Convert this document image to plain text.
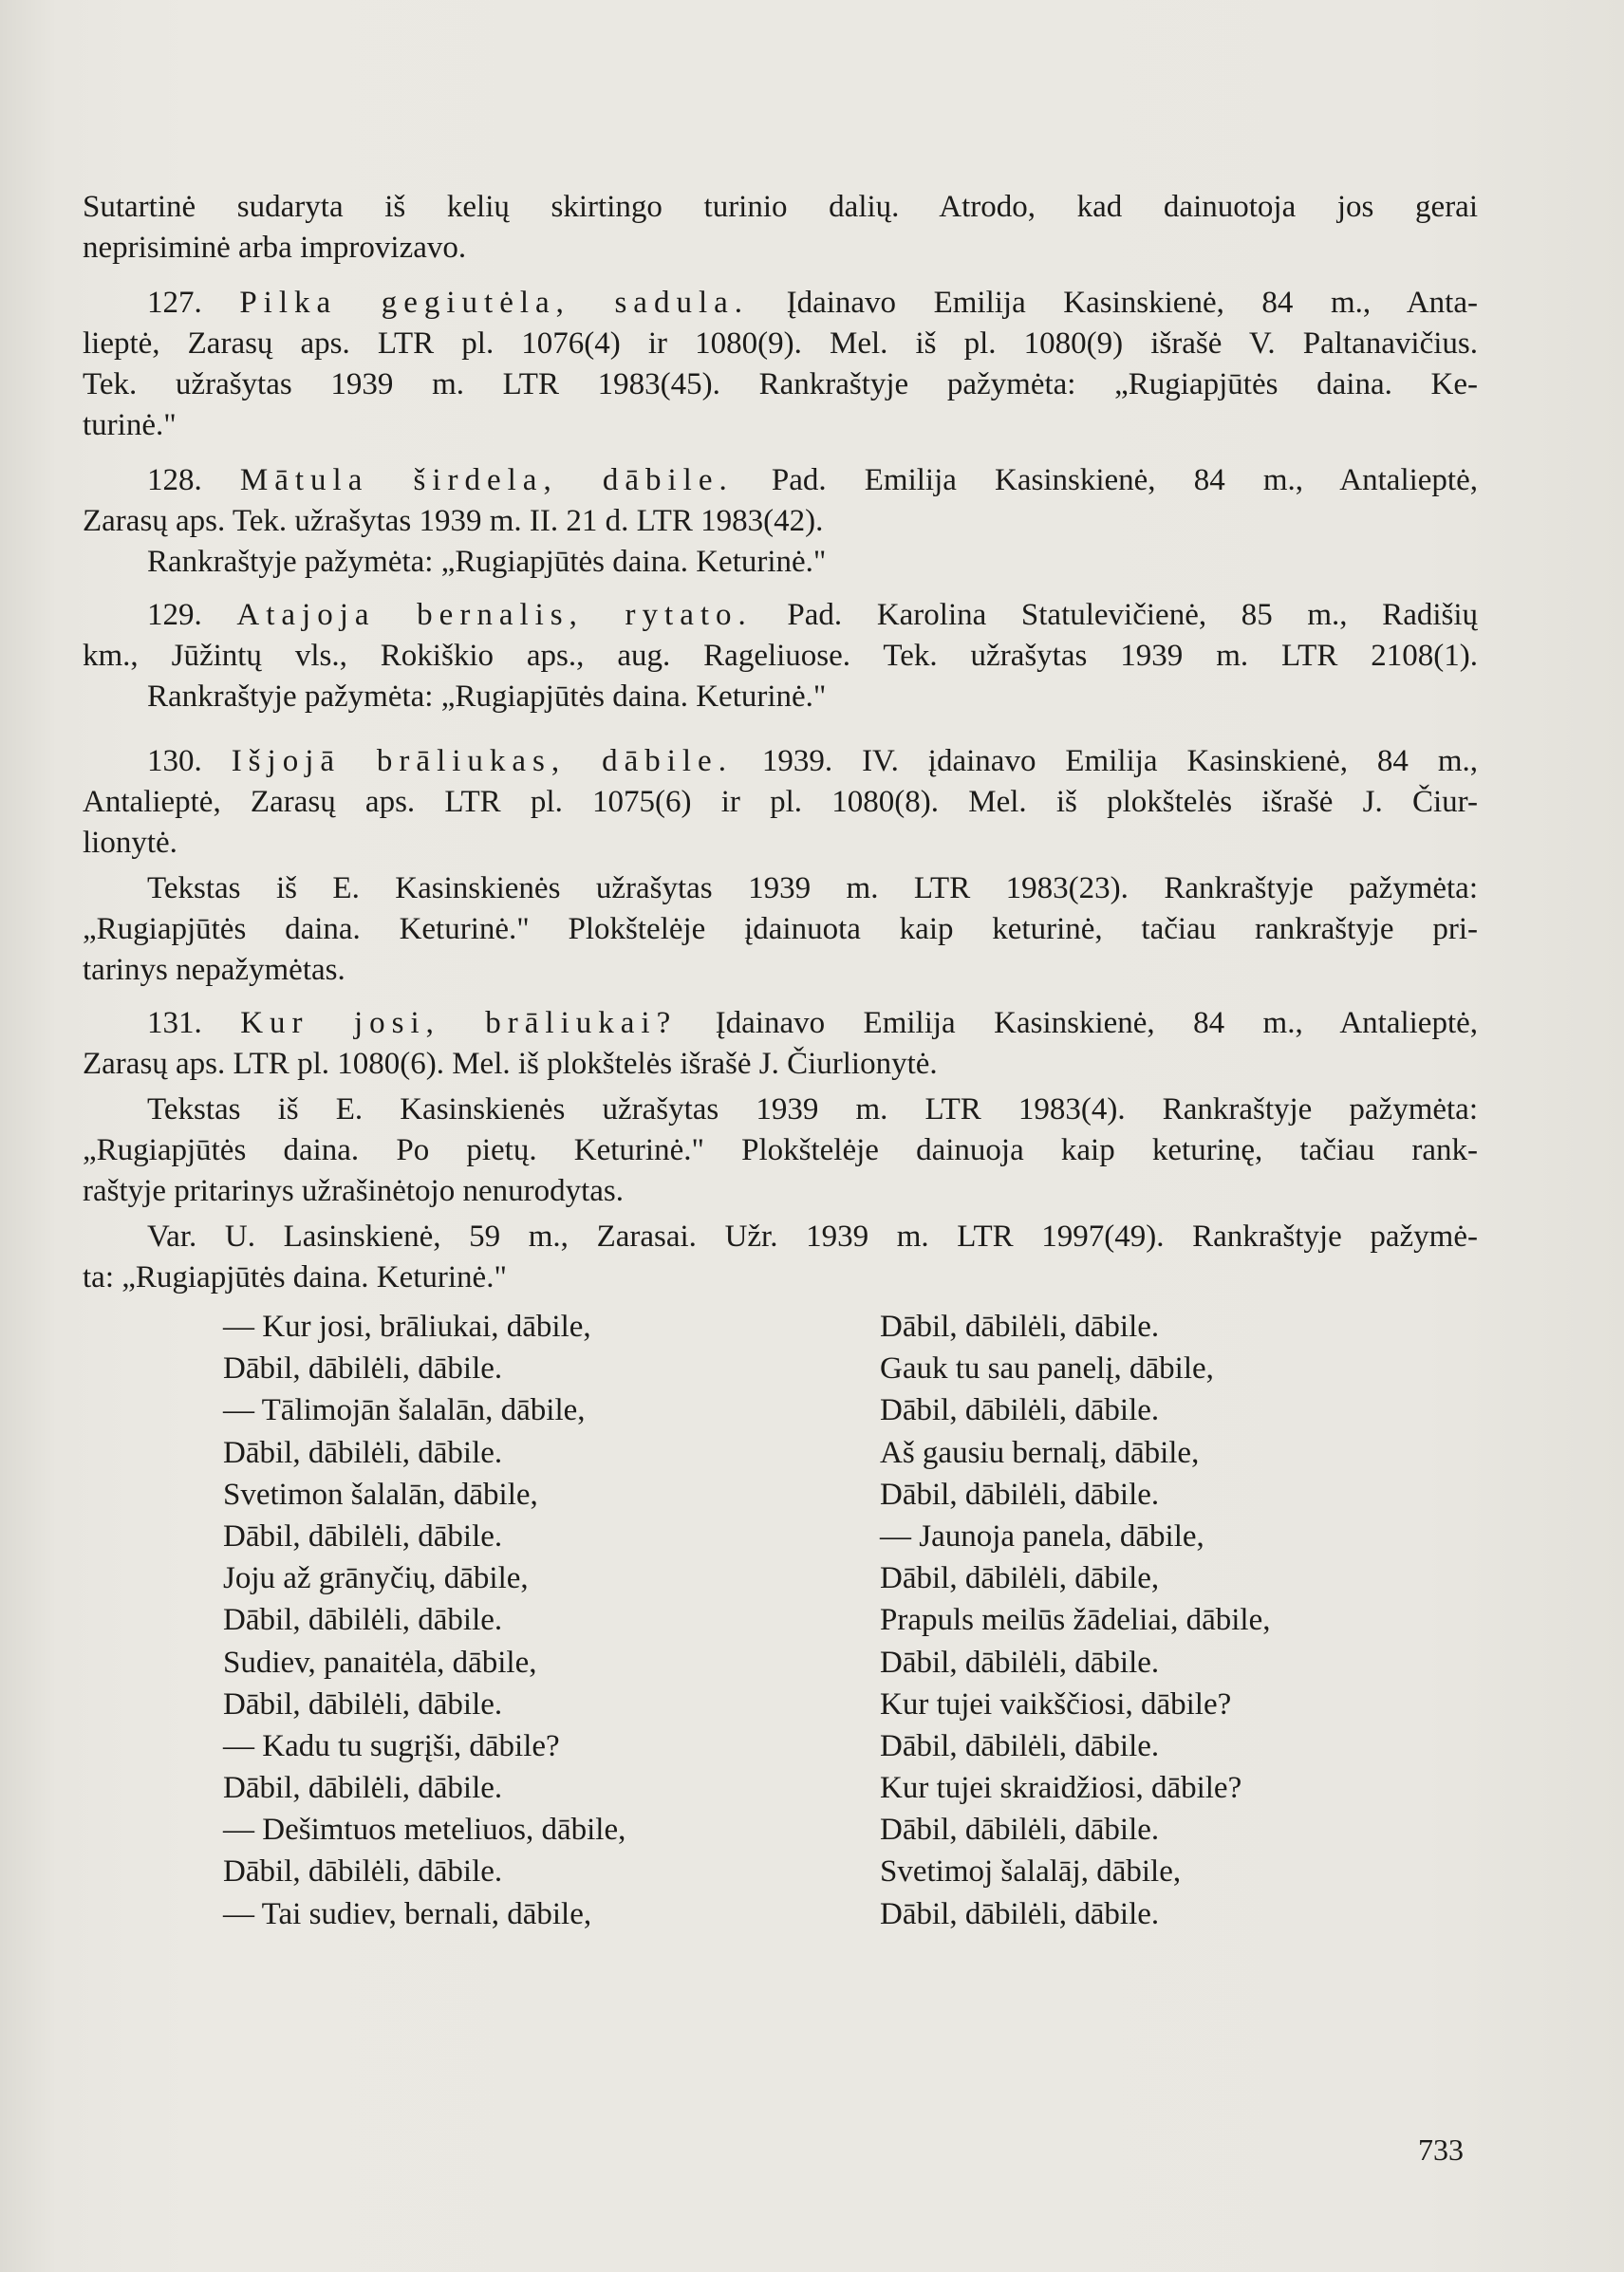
Sutartinė sudaryta iš kelių skirtingo turinio dalių. Atrodo, kad dainuotoja jos gerai
neprisiminė arba improvizavo.
127. Pilka gegiutėla, sadula. Įdainavo Emilija Kasinskienė, 84 m., Anta-
lieptė, Zarasų aps. LTR pl. 1076(4) ir 1080(9). Mel. iš pl. 1080(9) išrašė V. Paltanavičius.
Tek. užrašytas 1939 m. LTR 1983(45). Rankraštyje pažymėta: „Rugiapjūtės daina. Ke-
turinė."
128. Mātula širdela, dābile. Pad. Emilija Kasinskienė, 84 m., Antalieptė,
Zarasų aps. Tek. užrašytas 1939 m. II. 21 d. LTR 1983(42).
Rankraštyje pažymėta: „Rugiapjūtės daina. Keturinė."
129. Atajoja bernalis, rytato. Pad. Karolina Statulevičienė, 85 m., Radišių
km., Jūžintų vls., Rokiškio aps., aug. Rageliuose. Tek. užrašytas 1939 m. LTR 2108(1).
Rankraštyje pažymėta: „Rugiapjūtės daina. Keturinė."
130. Išjojā brāliukas, dābile. 1939. IV. įdainavo Emilija Kasinskienė, 84 m.,
Antalieptė, Zarasų aps. LTR pl. 1075(6) ir pl. 1080(8). Mel. iš plokštelės išrašė J. Čiur-
lionytė.
Tekstas iš E. Kasinskienės užrašytas 1939 m. LTR 1983(23). Rankraštyje pažymėta:
„Rugiapjūtės daina. Keturinė." Plokštelėje įdainuota kaip keturinė, tačiau rankraštyje pri-
tarinys nepažymėtas.
131. Kur josi, brāliukai? Įdainavo Emilija Kasinskienė, 84 m., Antalieptė,
Zarasų aps. LTR pl. 1080(6). Mel. iš plokštelės išrašė J. Čiurlionytė.
Tekstas iš E. Kasinskienės užrašytas 1939 m. LTR 1983(4). Rankraštyje pažymėta:
„Rugiapjūtės daina. Po pietų. Keturinė." Plokštelėje dainuoja kaip keturinę, tačiau rank-
raštyje pritarinys užrašinėtojo nenurodytas.
Var. U. Lasinskienė, 59 m., Zarasai. Užr. 1939 m. LTR 1997(49). Rankraštyje pažymė-
ta: „Rugiapjūtės daina. Keturinė."
— Kur josi, brāliukai, dābile,
Dābil, dābilėli, dābile.
— Tālimojān šalalān, dābile,
Dābil, dābilėli, dābile.
Svetimon šalalān, dābile,
Dābil, dābilėli, dābile.
Joju až grānyčių, dābile,
Dābil, dābilėli, dābile.
Sudiev, panaitėla, dābile,
Dābil, dābilėli, dābile.
— Kadu tu sugrįši, dābile?
Dābil, dābilėli, dābile.
— Dešimtuos meteliuos, dābile,
Dābil, dābilėli, dābile.
— Tai sudiev, bernali, dābile,
Dābil, dābilėli, dābile.
Gauk tu sau panelį, dābile,
Dābil, dābilėli, dābile.
Aš gausiu bernalį, dābile,
Dābil, dābilėli, dābile.
— Jaunoja panela, dābile,
Dābil, dābilėli, dābile,
Prapuls meilūs žādeliai, dābile,
Dābil, dābilėli, dābile.
Kur tujei vaikščiosi, dābile?
Dābil, dābilėli, dābile.
Kur tujei skraidžiosi, dābile?
Dābil, dābilėli, dābile.
Svetimoj šalalāj, dābile,
Dābil, dābilėli, dābile.
733
